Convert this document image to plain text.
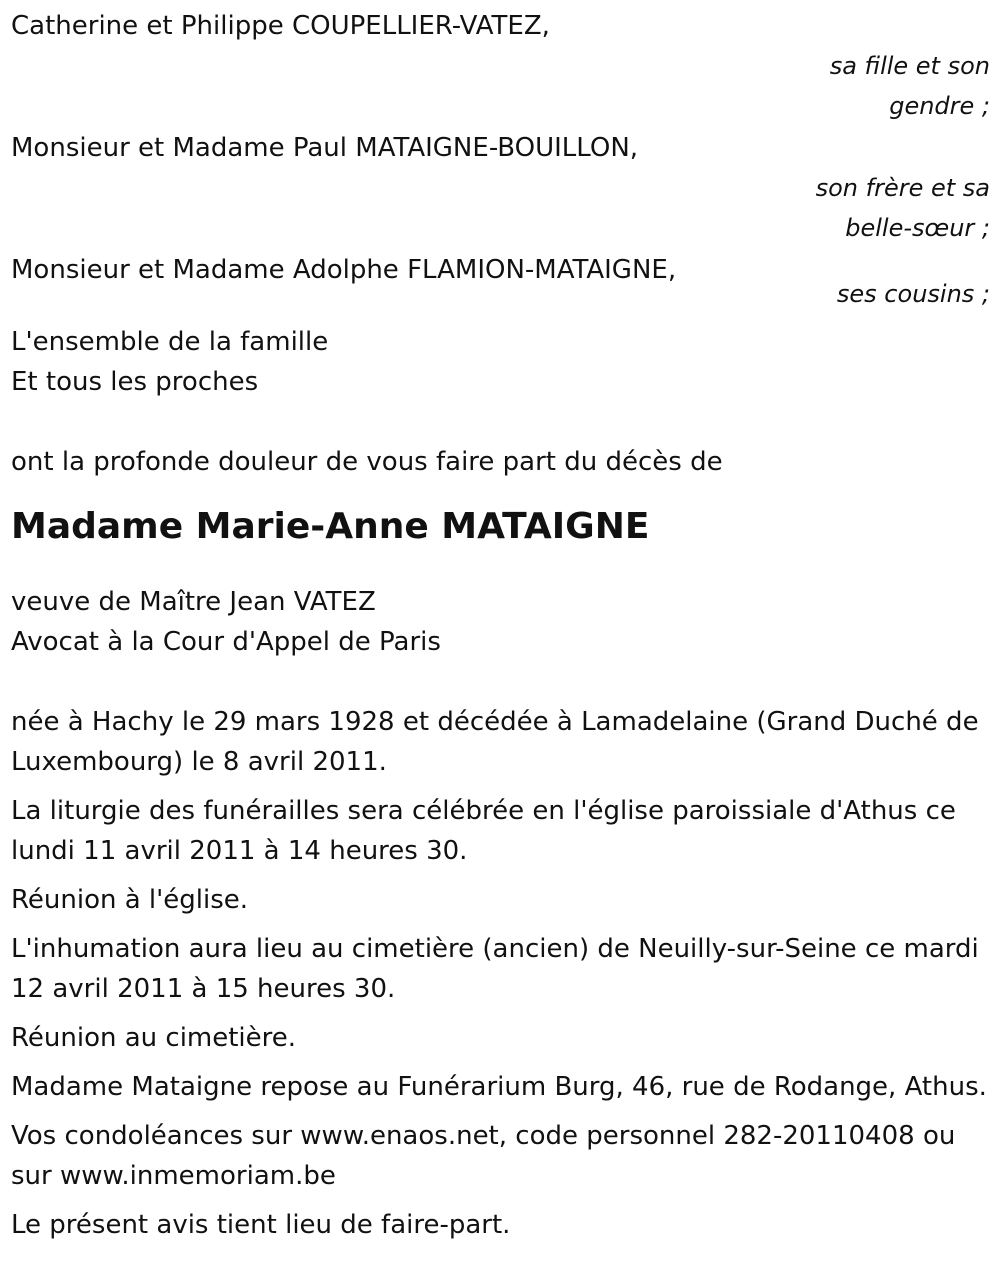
Catherine et Philippe COUPELLIER-VATEZ,
sa fille et son
gendre ;
Monsieur et Madame Paul MATAIGNE-BOUILLON,
son frère et sa
belle-sœur ;
Monsieur et Madame Adolphe FLAMION-MATAIGNE,
ses cousins ;
L'ensemble de la famille
Et tous les proches
ont la profonde douleur de vous faire part du décès de
Madame Marie-Anne MATAIGNE
veuve de Maître Jean VATEZ
Avocat à la Cour d'Appel de Paris

née à Hachy le 29 mars 1928 et décédée à Lamadelaine (Grand Duché de Luxembourg) le 8 avril 2011.

La liturgie des funérailles sera célébrée en l'église paroissiale d'Athus ce lundi 11 avril 2011 à 14 heures 30.

Réunion à l'église.

L'inhumation aura lieu au cimetière (ancien) de Neuilly-sur-Seine ce mardi 12 avril 2011 à 15 heures 30.

Réunion au cimetière.

Madame Mataigne repose au Funérarium Burg, 46, rue de Rodange, Athus.

Vos condoléances sur www.enaos.net, code personnel 282-20110408 ou sur www.inmemoriam.be

Le présent avis tient lieu de faire-part.
